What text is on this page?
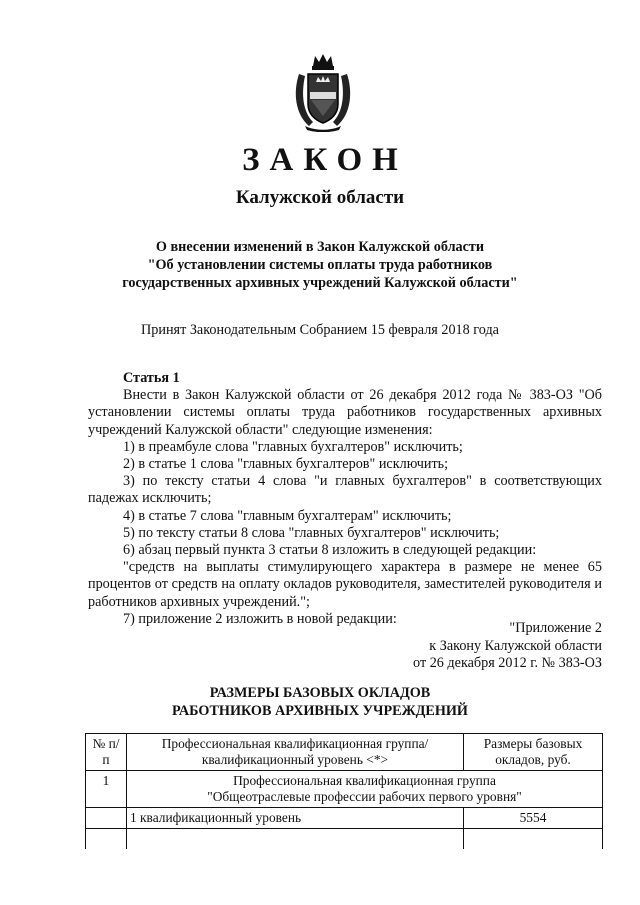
ЗАКОН
Калужской области
О внесении изменений в Закон Калужской области
"Об установлении системы оплаты труда работников
государственных архивных учреждений Калужской области"
Принят Законодательным Собранием 15 февраля 2018 года

Статья 1

Внести в Закон Калужской области от 26 декабря 2012 года № 383-ОЗ "Об установлении системы оплаты труда работников государственных архивных учреждений Калужской области" следующие изменения:

1) в преамбуле слова "главных бухгалтеров" исключить;

2) в статье 1 слова "главных бухгалтеров" исключить;

3) по тексту статьи 4 слова "и главных бухгалтеров" в соответствующих падежах исключить;

4) в статье 7 слова "главным бухгалтерам" исключить;

5) по тексту статьи 8 слова "главных бухгалтеров" исключить;

6) абзац первый пункта 3 статьи 8 изложить в следующей редакции:

"средств на выплаты стимулирующего характера в размере не менее 65 процентов от средств на оплату окладов руководителя, заместителей руководителя и работников архивных учреждений.";

7) приложение 2 изложить в новой редакции:

"Приложение 2
к Закону Калужской области
от 26 декабря 2012 г. № 383-ОЗ
РАЗМЕРЫ БАЗОВЫХ ОКЛАДОВ
РАБОТНИКОВ АРХИВНЫХ УЧРЕЖДЕНИЙ
№ п/п	Профессиональная квалификационная группа/квалификационный уровень <*>	Размеры базовых окладов, руб.
1	Профессиональная квалификационная группа
"Общеотраслевые профессии рабочих первого уровня"	

	1 квалификационный уровень	5554
